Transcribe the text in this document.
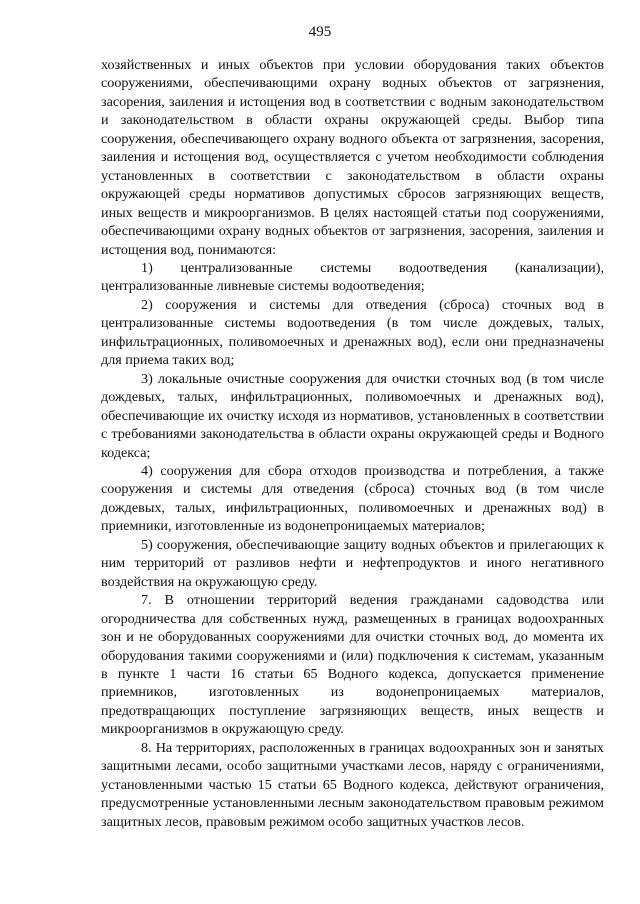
495

хозяйственных и иных объектов при условии оборудования таких объектов сооружениями, обеспечивающими охрану водных объектов от загрязнения, засорения, заиления и истощения вод в соответствии с водным законодательством и законодательством в области охраны окружающей среды. Выбор типа сооружения, обеспечивающего охрану водного объекта от загрязнения, засорения, заиления и истощения вод, осуществляется с учетом необходимости соблюдения установленных в соответствии с законодательством в области охраны окружающей среды нормативов допустимых сбросов загрязняющих веществ, иных веществ и микроорганизмов. В целях настоящей статьи под сооружениями, обеспечивающими охрану водных объектов от загрязнения, засорения, заиления и истощения вод, понимаются:

1) централизованные системы водоотведения (канализации), централизованные ливневые системы водоотведения;

2) сооружения и системы для отведения (сброса) сточных вод в централизованные системы водоотведения (в том числе дождевых, талых, инфильтрационных, поливомоечных и дренажных вод), если они предназначены для приема таких вод;

3) локальные очистные сооружения для очистки сточных вод (в том числе дождевых, талых, инфильтрационных, поливомоечных и дренажных вод), обеспечивающие их очистку исходя из нормативов, установленных в соответствии с требованиями законодательства в области охраны окружающей среды и Водного кодекса;

4) сооружения для сбора отходов производства и потребления, а также сооружения и системы для отведения (сброса) сточных вод (в том числе дождевых, талых, инфильтрационных, поливомоечных и дренажных вод) в приемники, изготовленные из водонепроницаемых материалов;

5) сооружения, обеспечивающие защиту водных объектов и прилегающих к ним территорий от разливов нефти и нефтепродуктов и иного негативного воздействия на окружающую среду.

7. В отношении территорий ведения гражданами садоводства или огородничества для собственных нужд, размещенных в границах водоохранных зон и не оборудованных сооружениями для очистки сточных вод, до момента их оборудования такими сооружениями и (или) подключения к системам, указанным в пункте 1 части 16 статьи 65 Водного кодекса, допускается применение приемников, изготовленных из водонепроницаемых материалов, предотвращающих поступление загрязняющих веществ, иных веществ и микроорганизмов в окружающую среду.

8. На территориях, расположенных в границах водоохранных зон и занятых защитными лесами, особо защитными участками лесов, наряду с ограничениями, установленными частью 15 статьи 65 Водного кодекса, действуют ограничения, предусмотренные установленными лесным законодательством правовым режимом защитных лесов, правовым режимом особо защитных участков лесов.
